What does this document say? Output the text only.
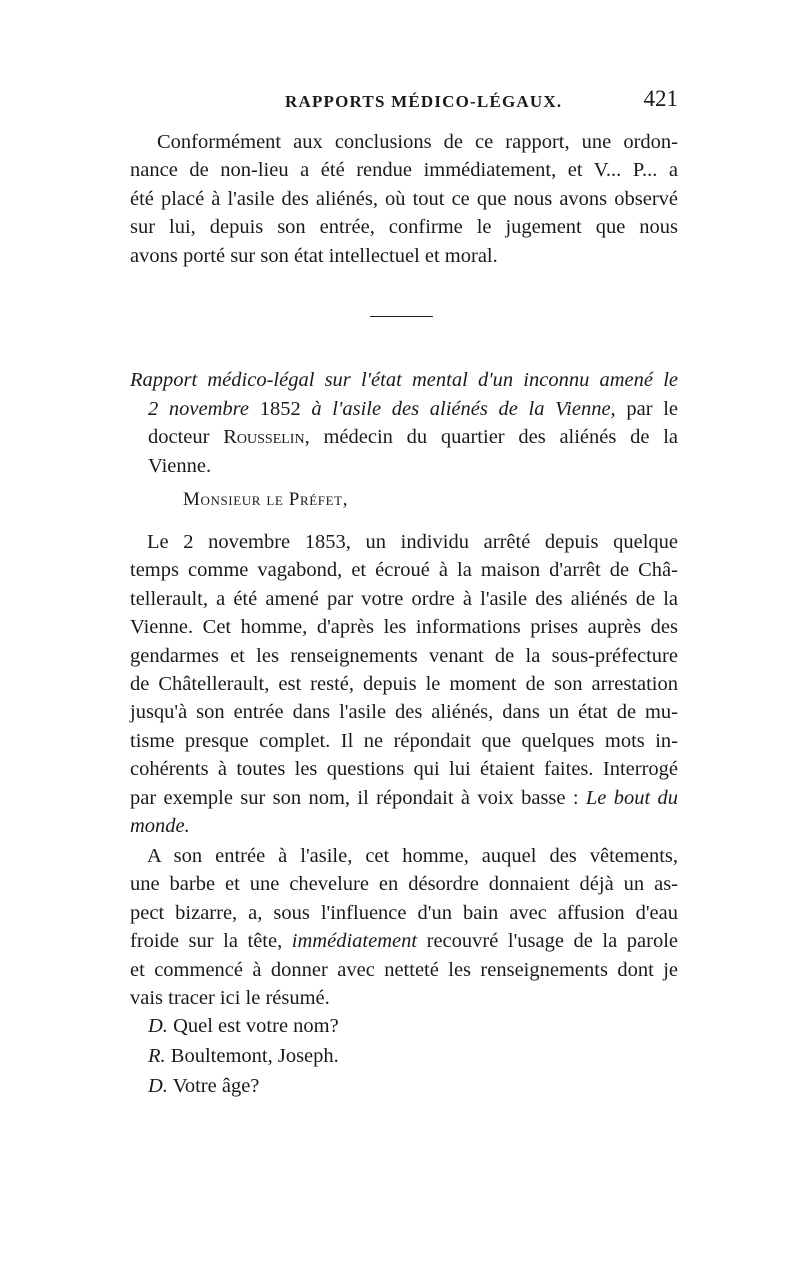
RAPPORTS MÉDICO-LÉGAUX.	421
Conformément aux conclusions de ce rapport, une ordon-
nance de non-lieu a été rendue immédiatement, et V... P... a
été placé à l'asile des aliénés, où tout ce que nous avons observé
sur lui, depuis son entrée, confirme le jugement que nous
avons porté sur son état intellectuel et moral.
Rapport médico-légal sur l'état mental d'un inconnu amené le
2 novembre 1852 à l'asile des aliénés de la Vienne, par le
docteur Rousselin, médecin du quartier des aliénés de la
Vienne.
Monsieur le Préfet,
Le 2 novembre 1853, un individu arrêté depuis quelque
temps comme vagabond, et écroué à la maison d'arrêt de Châ-
tellerault, a été amené par votre ordre à l'asile des aliénés de la
Vienne. Cet homme, d'après les informations prises auprès des
gendarmes et les renseignements venant de la sous-préfecture
de Châtellerault, est resté, depuis le moment de son arrestation
jusqu'à son entrée dans l'asile des aliénés, dans un état de mu-
tisme presque complet. Il ne répondait que quelques mots in-
cohérents à toutes les questions qui lui étaient faites. Interrogé
par exemple sur son nom, il répondait à voix basse : Le bout du
monde.
A son entrée à l'asile, cet homme, auquel des vêtements,
une barbe et une chevelure en désordre donnaient déjà un as-
pect bizarre, a, sous l'influence d'un bain avec affusion d'eau
froide sur la tête, immédiatement recouvré l'usage de la parole
et commencé à donner avec netteté les renseignements dont je
vais tracer ici le résumé.
D. Quel est votre nom?
R. Boultemont, Joseph.
D. Votre âge?
